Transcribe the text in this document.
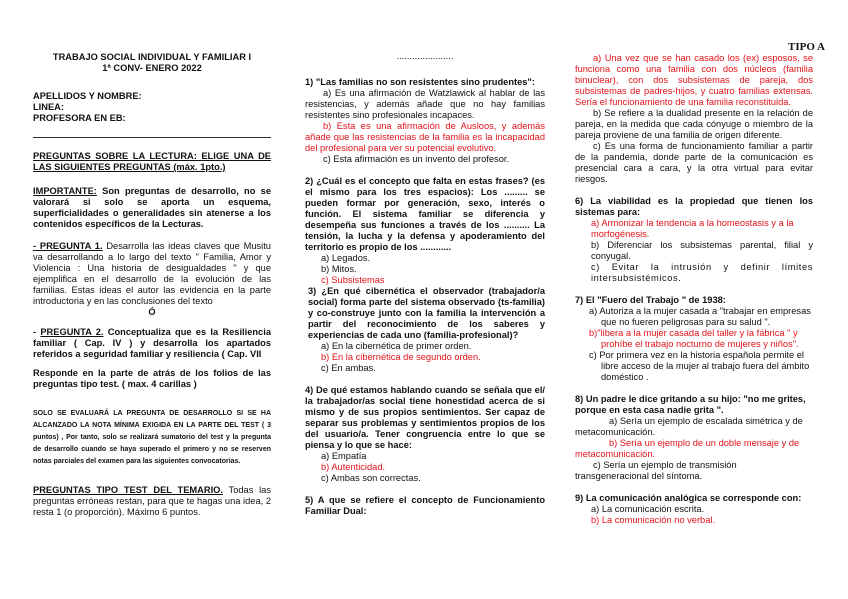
TIPO A

TRABAJO SOCIAL INDIVIDUAL Y FAMILIAR I

1ª CONV- ENERO 2022

APELLIDOS Y NOMBRE:

LINEA:

PROFESORA EN EB:

PREGUNTAS SOBRE LA LECTURA: ELIGE UNA DE LAS SIGUIENTES PREGUNTAS (máx. 1pto.)

IMPORTANTE: Son preguntas de desarrollo, no se valorará si solo se aporta un esquema, superficialidades o generalidades sin atenerse a los contenidos específicos de la Lecturas.

- PREGUNTA 1. Desarrolla las ideas claves que Musitu va desarrollando a lo largo del texto " Familia, Amor y Violencia : Una historia de desigualdades " y que ejemplifica en el desarrollo de la evolución de las familias. Estas ideas el autor las evidencia en la parte introductoria y en las conclusiones del texto

Ó

- PREGUNTA 2. Conceptualiza que es la Resiliencia familiar ( Cap. IV ) y desarrolla los apartados referidos a seguridad familiar y resiliencia ( Cap. VII

Responde en la parte de atrás de los folios de las preguntas tipo test. ( max. 4 carillas )

SOLO SE EVALUARÁ LA PREGUNTA DE DESARROLLO SI SE HA ALCANZADO LA NOTA MÍNIMA EXIGIDA EN LA PARTE DEL TEST ( 3 puntos) , Por tanto, solo se realizará sumatorio del test y la pregunta de desarrollo cuando se haya superado el primero y no se reserven notas parciales del examen para las siguientes convocatorias.

PREGUNTAS TIPO TEST DEL TEMARIO. Todas las preguntas erróneas restan, para que te hagas una idea, 2 resta 1 (o proporción). Máximo 6 puntos.

......................

1) "Las familias no son resistentes sino prudentes":

a) Es una afirmación de Watzlawick al hablar de las resistencias, y además añade que no hay familias resistentes sino profesionales incapaces.

b) Esta es una afirmación de Ausloos, y además añade que las resistencias de la familia es la incapacidad del profesional para ver su potencial evolutivo.

c) Esta afirmación es un invento del profesor.

2) ¿Cuál es el concepto que falta en estas frases? (es el mismo para los tres espacios): Los ......... se pueden formar por generación, sexo, interés o función. El sistema familiar se diferencia y desempeña sus funciones a través de los .......... La tensión, la lucha y la defensa y apoderamiento del territorio es propio de los ............

a) Legados.

b) Mitos.

c) Subsistemas

3) ¿En qué cibernética el observador (trabajador/a social) forma parte del sistema observado (ts-familia) y co-construye junto con la familia la intervención a partir del reconocimiento de los saberes y experiencias de cada uno (familia-profesional)?

a) En la cibernética de primer orden.

b) En la cibernética de segundo orden.

c) En ambas.

4) De qué estamos hablando cuando se señala que el/ la trabajador/as social tiene honestidad acerca de si mismo y de sus propios sentimientos. Ser capaz de separar sus problemas y sentimientos propios de los del usuario/a. Tener congruencia entre lo que se piensa y lo que se hace:

a) Empatía

b) Autenticidad.

c) Ambas son correctas.

5) A que se refiere el concepto de Funcionamiento Familiar Dual:

a) Una vez que se han casado los (ex) esposos, se funciona como una familia con dos núcleos (familia binuclear), con dos subsistemas de pareja, dos subsistemas de padres-hijos, y cuatro familias extensas. Sería el funcionamiento de una familia reconstituida.

b) Se refiere a la dualidad presente en la relación de pareja, en la medida que cada cónyuge o miembro de la pareja proviene de una familia de origen diferente.

c) Es una forma de funcionamiento familiar a partir de la pandemia, donde parte de la comunicación es presencial cara a cara, y la otra virtual para evitar riesgos.

6) La viabilidad es la propiedad que tienen los sistemas para:

a) Armonizar la tendencia a la homeostasis y a la morfogénesis.

b) Diferenciar los subsistemas parental, filial y conyugal.

c) Evitar la intrusión y definir límites intersubsistémicos.

7) El "Fuero del Trabajo " de 1938:

a) Autoriza a la mujer casada a "trabajar en empresas que no fueren peligrosas para su salud ".

b)"libera a la mujer casada del taller y la fábrica " y prohíbe el trabajo nocturno de mujeres y niños".

c) Por primera vez en la historia española permite el libre acceso de la mujer al trabajo fuera del ámbito doméstico .

8) Un padre le dice gritando a su hijo: "no me grites, porque en esta casa nadie grita ".

a) Sería un ejemplo de escalada simétrica y de metacomunicación.

b) Sería un ejemplo de un doble mensaje y de metacomunicación.

c) Sería un ejemplo de transmisión transgeneracional del síntoma.

9) La comunicación analógica se corresponde con:

a) La comunicación escrita.

b) La comunicación no verbal.
